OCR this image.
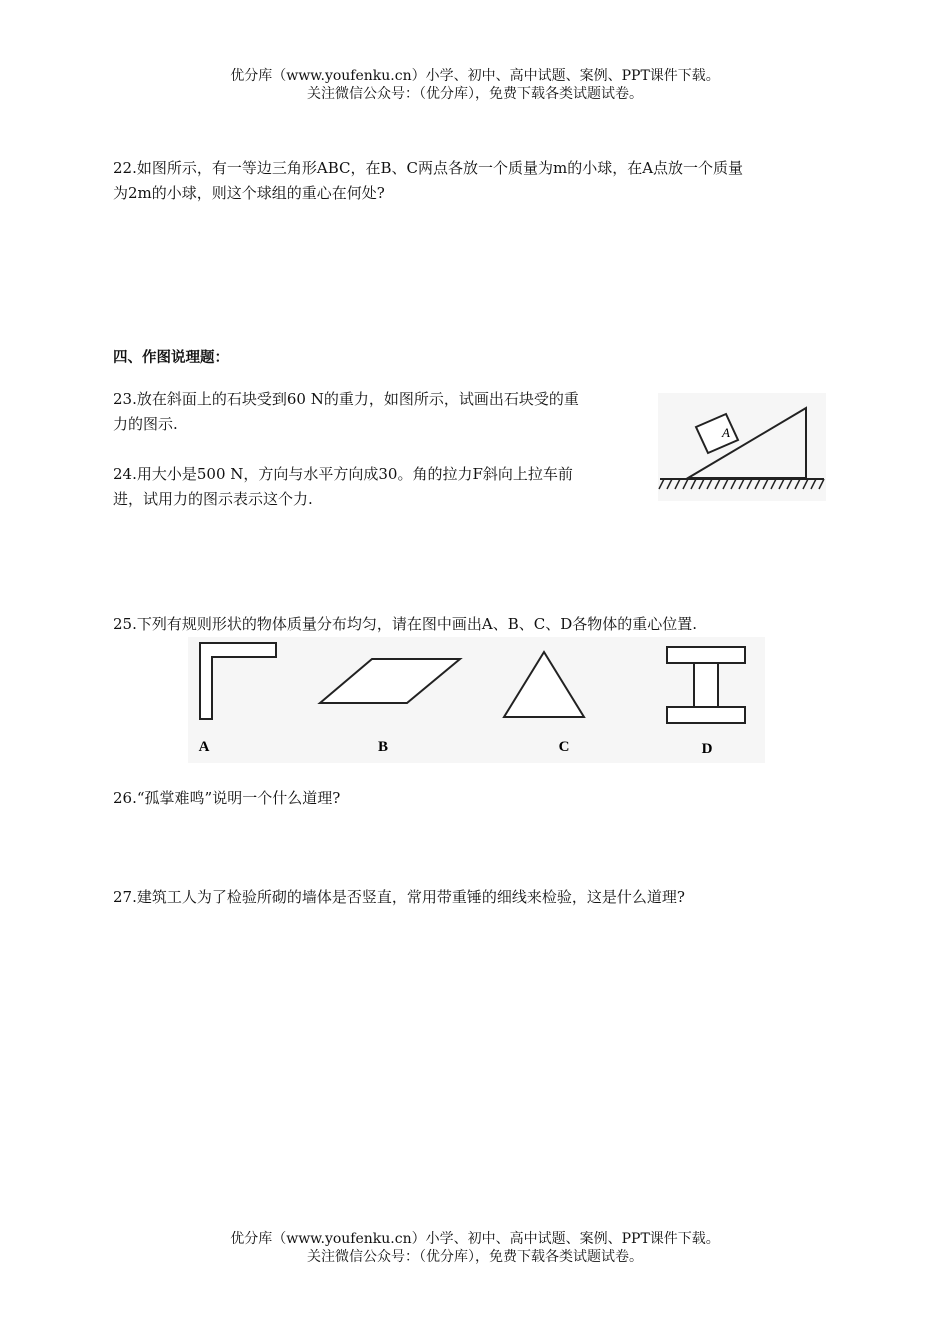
优分库（www.youfenku.cn）小学、初中、高中试题、案例、PPT课件下载。
关注微信公众号：（优分库），免费下载各类试题试卷。
22.如图所示，有一等边三角形ABC，在B、C两点各放一个质量为m的小球，在A点放一个质量
为2m的小球，则这个球组的重心在何处?
四、作图说理题：
23.放在斜面上的石块受到60 N的重力，如图所示，试画出石块受的重
力的图示.
24.用大小是500 N，方向与水平方向成30。角的拉力F斜向上拉车前
进，试用力的图示表示这个力.
A
25.下列有规则形状的物体质量分布均匀，请在图中画出A、B、C、D各物体的重心位置.
A	B	C	D
26.“孤掌难鸣”说明一个什么道理?
27.建筑工人为了检验所砌的墙体是否竖直，常用带重锤的细线来检验，这是什么道理?
优分库（www.youfenku.cn）小学、初中、高中试题、案例、PPT课件下载。
关注微信公众号：（优分库），免费下载各类试题试卷。
